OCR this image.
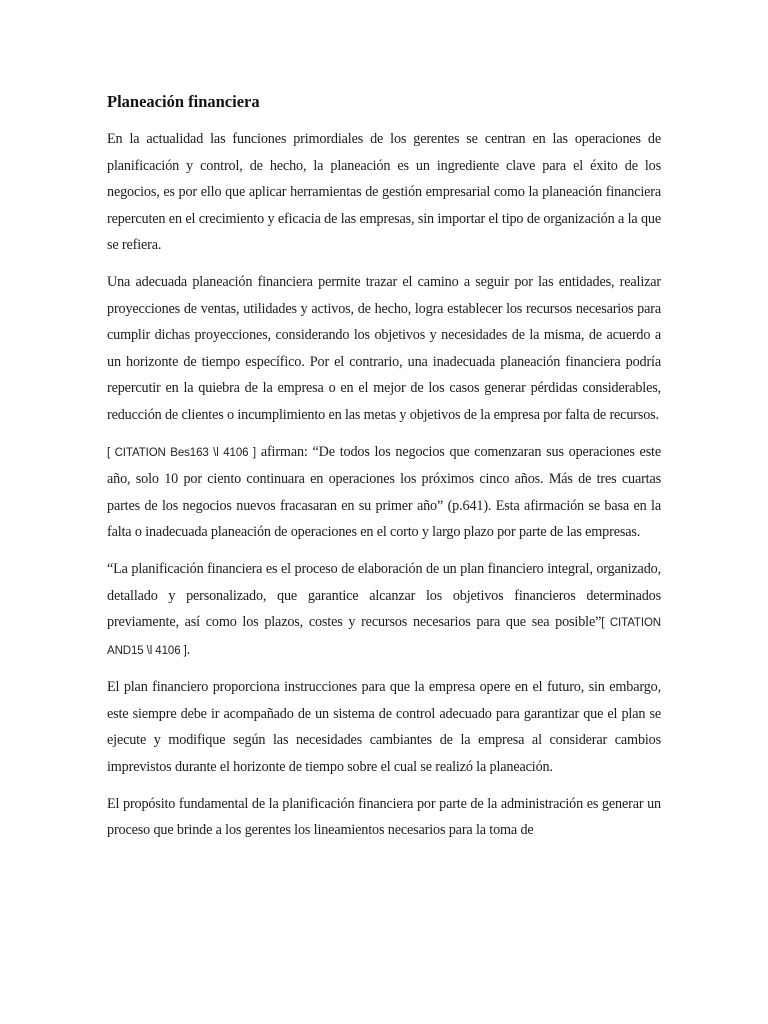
Planeación financiera

En la actualidad las funciones primordiales de los gerentes se centran en las operaciones de planificación y control, de hecho, la planeación es un ingrediente clave para el éxito de los negocios, es por ello que aplicar herramientas de gestión empresarial como la planeación financiera repercuten en el crecimiento y eficacia de las empresas, sin importar el tipo de organización a la que se refiera.

Una adecuada planeación financiera permite trazar el camino a seguir por las entidades, realizar proyecciones de ventas, utilidades y activos, de hecho, logra establecer los recursos necesarios para cumplir dichas proyecciones, considerando los objetivos y necesidades de la misma, de acuerdo a un horizonte de tiempo específico. Por el contrario, una inadecuada planeación financiera podría repercutir en la quiebra de la empresa o en el mejor de los casos generar pérdidas considerables, reducción de clientes o incumplimiento en las metas y objetivos de la empresa por falta de recursos.

[ CITATION Bes163 \l 4106 ] afirman: “De todos los negocios que comenzaran sus operaciones este año, solo 10 por ciento continuara en operaciones los próximos cinco años. Más de tres cuartas partes de los negocios nuevos fracasaran en su primer año” (p.641). Esta afirmación se basa en la falta o inadecuada planeación de operaciones en el corto y largo plazo por parte de las empresas.

“La planificación financiera es el proceso de elaboración de un plan financiero integral, organizado, detallado y personalizado, que garantice alcanzar los objetivos financieros determinados previamente, así como los plazos, costes y recursos necesarios para que sea posible”[ CITATION AND15 \l 4106 ].

El plan financiero proporciona instrucciones para que la empresa opere en el futuro, sin embargo, este siempre debe ir acompañado de un sistema de control adecuado para garantizar que el plan se ejecute y modifique según las necesidades cambiantes de la empresa al considerar cambios imprevistos durante el horizonte de tiempo sobre el cual se realizó la planeación.

El propósito fundamental de la planificación financiera por parte de la administración es generar un proceso que brinde a los gerentes los lineamientos necesarios para la toma de
